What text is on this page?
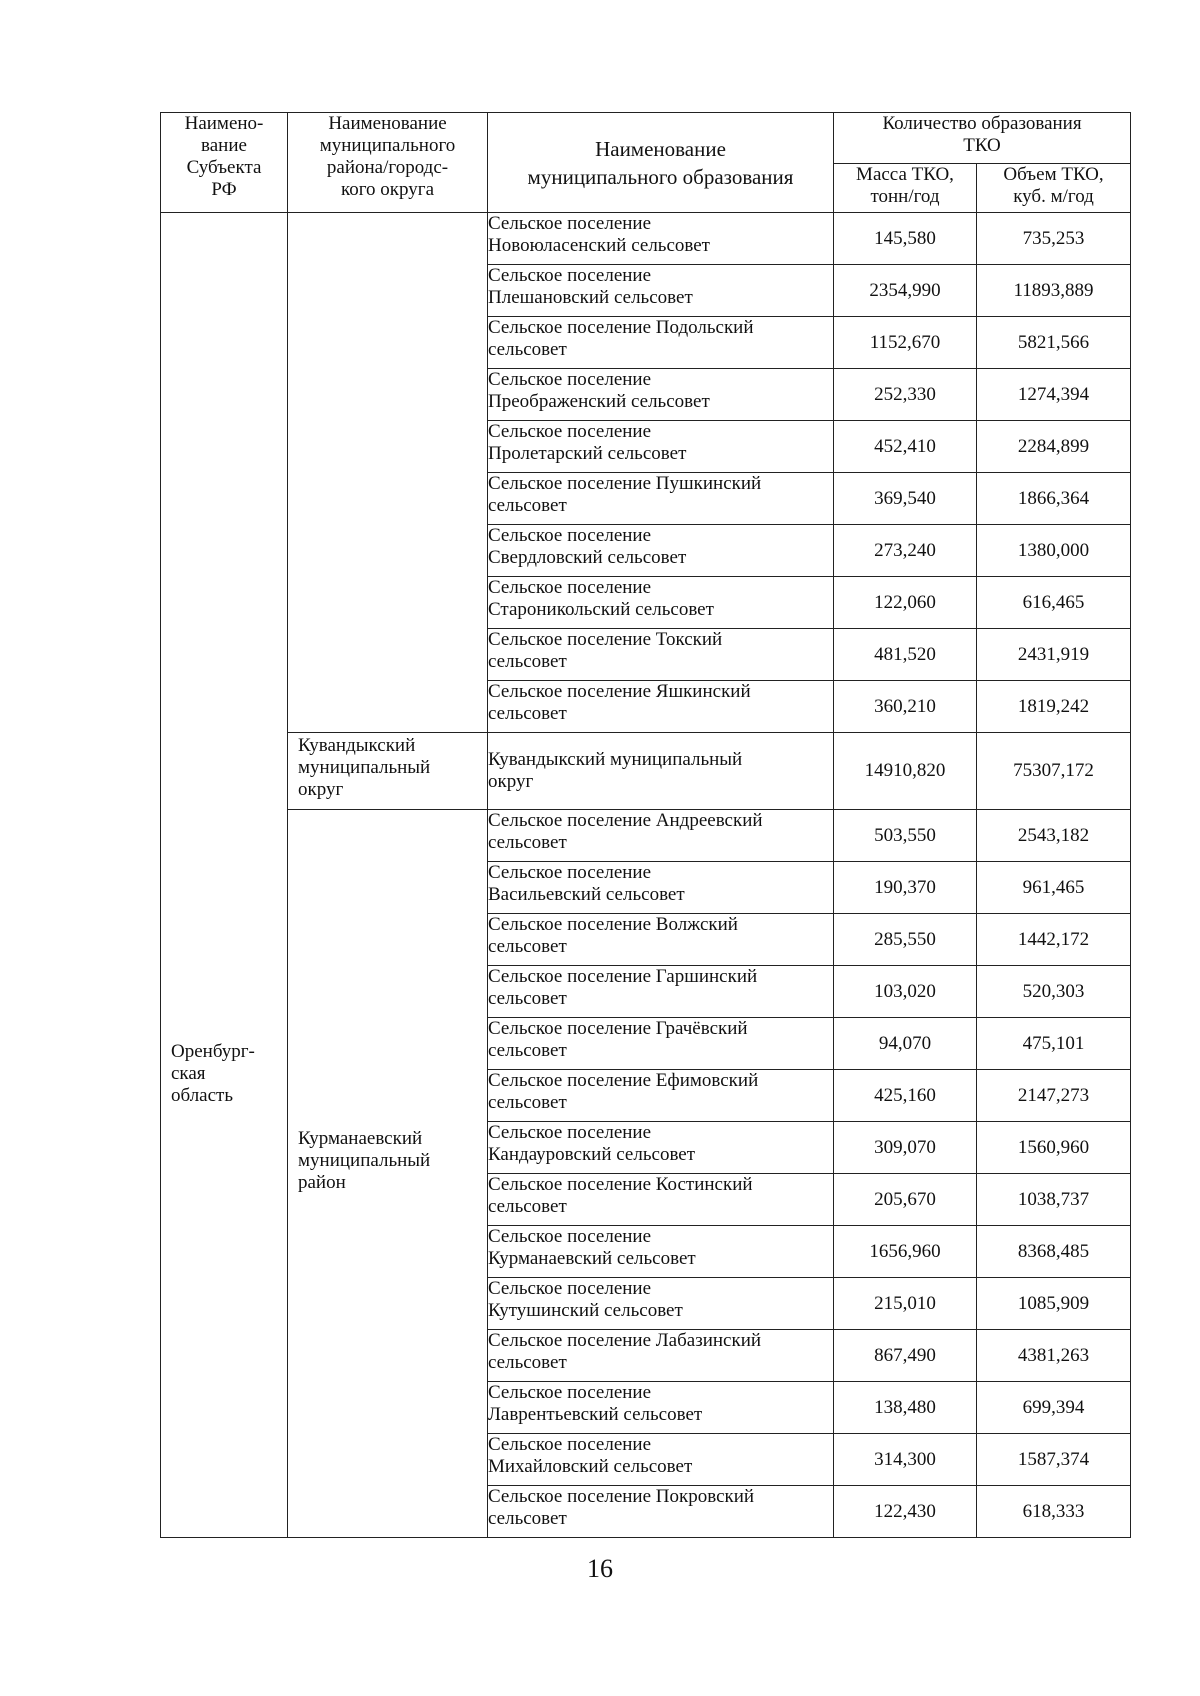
Наимено-
вание
Субъекта
РФ	Наименование
муниципального
района/городс-
кого округа	Наименование
муниципального образования	Количество образования
ТКО	
			Масса ТКО,
тонн/год	Объем ТКО,
куб. м/год

Оренбург-
ская
область		Сельское поселение
Новоюласенский сельсовет	145,580	735,253
		Сельское поселение
Плешановский сельсовет	2354,990	11893,889
		Сельское поселение Подольский
сельсовет	1152,670	5821,566
		Сельское поселение
Преображенский сельсовет	252,330	1274,394
		Сельское поселение
Пролетарский сельсовет	452,410	2284,899
		Сельское поселение Пушкинский
сельсовет	369,540	1866,364
		Сельское поселение
Свердловский сельсовет	273,240	1380,000
		Сельское поселение
Староникольский сельсовет	122,060	616,465
		Сельское поселение Токский
сельсовет	481,520	2431,919
		Сельское поселение Яшкинский
сельсовет	360,210	1819,242

	Кувандыкский
муниципальный
округ	Кувандыкский муниципальный
округ	14910,820	75307,172

	Курманаевский
муниципальный
район	Сельское поселение Андреевский
сельсовет	503,550	2543,182
		Сельское поселение
Васильевский сельсовет	190,370	961,465
		Сельское поселение Волжский
сельсовет	285,550	1442,172
		Сельское поселение Гаршинский
сельсовет	103,020	520,303
		Сельское поселение Грачёвский
сельсовет	94,070	475,101
		Сельское поселение Ефимовский
сельсовет	425,160	2147,273
		Сельское поселение
Кандауровский сельсовет	309,070	1560,960
		Сельское поселение Костинский
сельсовет	205,670	1038,737
		Сельское поселение
Курманаевский сельсовет	1656,960	8368,485
		Сельское поселение
Кутушинский сельсовет	215,010	1085,909
		Сельское поселение Лабазинский
сельсовет	867,490	4381,263
		Сельское поселение
Лаврентьевский сельсовет	138,480	699,394
		Сельское поселение
Михайловский сельсовет	314,300	1587,374
		Сельское поселение Покровский
сельсовет	122,430	618,333
16
